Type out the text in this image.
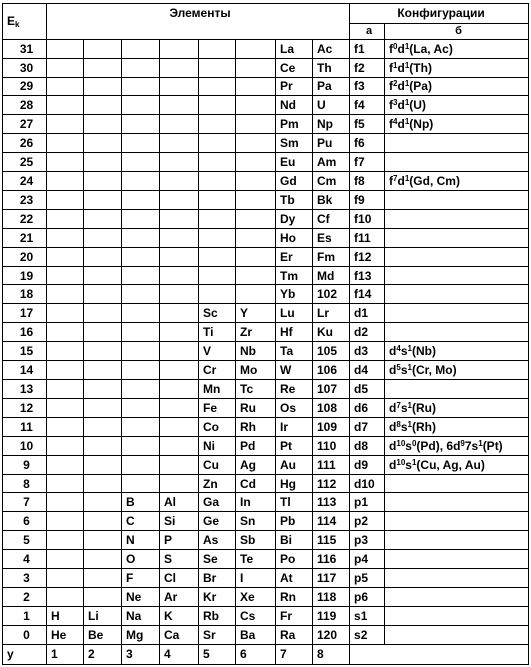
$E_k$	Элементы								Конфигурации	
									а	б
31							La	Ac	f1	$f^0d^1(La$, Ac)
30							Ce	Th	f2	$f^1d^1(Th)$
29							Pr	Pa	f3	$f^2d^1(Pa)$
28							Nd	U	f4	$f^3d^1(U)$
27							Pm	Np	f5	$f^4d^1(Np)$
26							Sm	Pu	f6	
25							Eu	Am	f7	
24							Gd	Cm	f8	$f^7d^1(Gd$, Cm)
23							Tb	Bk	f9	
22							Dy	Cf	f10	
21							Ho	Es	f11	
20							Er	Fm	f12	
19							Tm	Md	f13	
18							Yb	102	f14	
17					Sc	Y	Lu	Lr	d1	
16					Ti	Zr	Hf	Ku	d2	
15					V	Nb	Ta	105	d3	$d^4s^1(Nb)$
14					Cr	Mo	W	106	d4	$d^5s^1(Cr$, Mo)
13					Mn	Tc	Re	107	d5	
12					Fe	Ru	Os	108	d6	$d^7s^1(Ru)$
11					Co	Rh	Ir	109	d7	$d^8s^1(Rh)$
10					Ni	Pd	Pt	110	d8	$d^{10}s^0(Pd)$, $6d^97s^1(Pt)$
9					Cu	Ag	Au	111	d9	$d^{10}s^1(Cu$, Ag, Au)
8					Zn	Cd	Hg	112	d10	
7			B	Al	Ga	In	Tl	113	p1	
6			C	Si	Ge	Sn	Pb	114	p2	
5			N	P	As	Sb	Bi	115	p3	
4			O	S	Se	Te	Po	116	p4	
3			F	Cl	Br	I	At	117	p5	
2			Ne	Ar	Kr	Xe	Rn	118	p6	
1	H	Li	Na	K	Rb	Cs	Fr	119	s1	
0	He	Be	Mg	Ca	Sr	Ba	Ra	120	s2	
y	1	2	3	4	5	6	7	8		
